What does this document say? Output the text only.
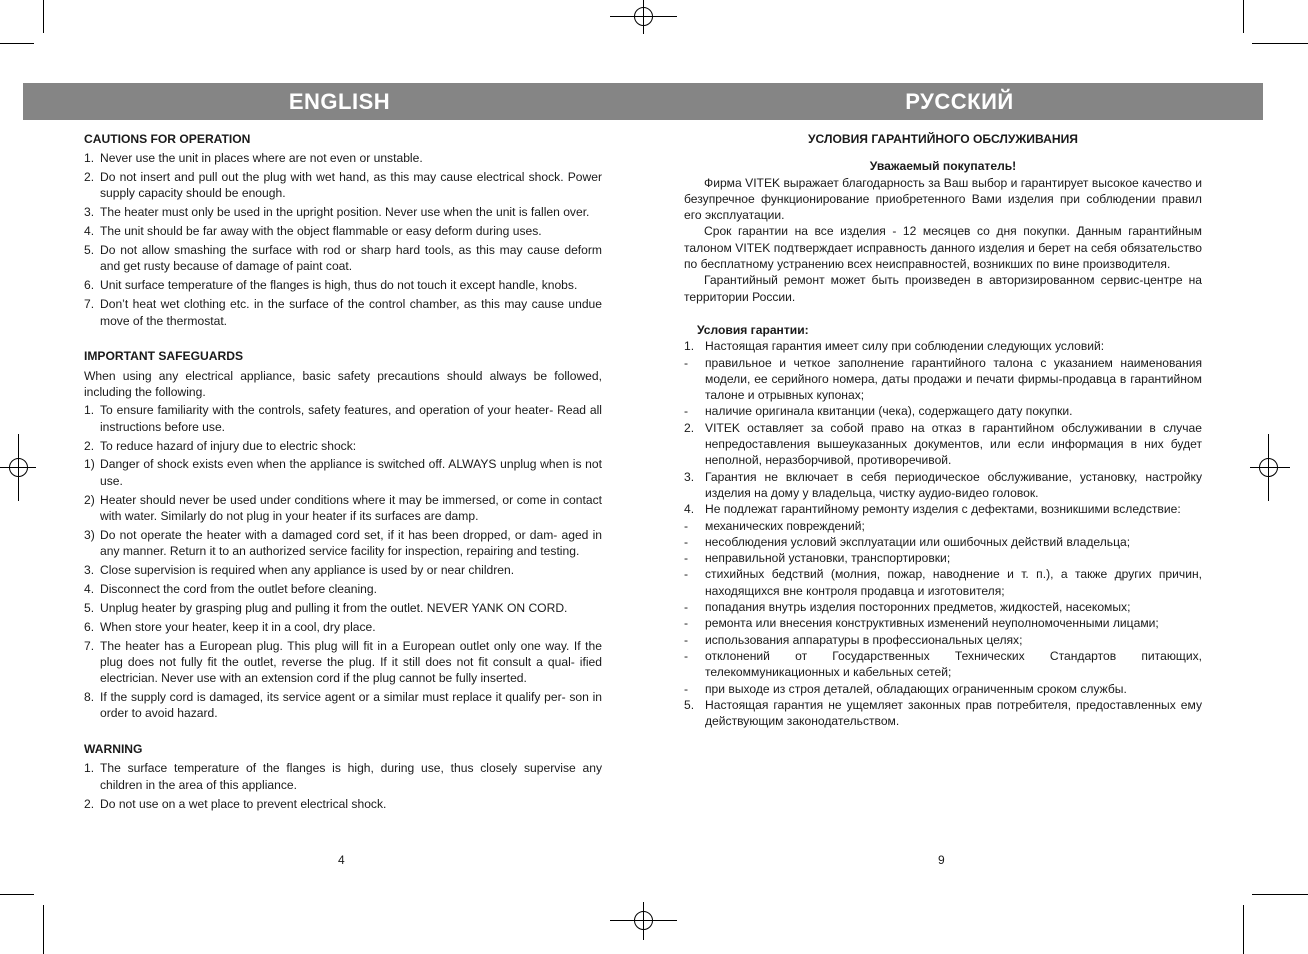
ENGLISH	РУССКИЙ
CAUTIONS FOR OPERATION
1. Never use the unit in places where are not even or unstable.
2. Do not insert and pull out the plug with wet hand, as this may cause electrical shock. Power supply capacity should be enough.
3. The heater must only be used in the upright position. Never use when the unit is fallen over.
4. The unit should be far away with the object flammable or easy deform during uses.
5. Do not allow smashing the surface with rod or sharp hard tools, as this may cause deform and get rusty because of damage of paint coat.
6. Unit surface temperature of the flanges is high, thus do not touch it except handle, knobs.
7. Don’t heat wet clothing etc. in the surface of the control chamber, as this may cause undue move of the thermostat.
IMPORTANT SAFEGUARDS
When using any electrical appliance, basic safety precautions should always be followed, including the following.
1. To ensure familiarity with the controls, safety features, and operation of your heater- Read all instructions before use.
2. To reduce hazard of injury due to electric shock:
1) Danger of shock exists even when the appliance is switched off. ALWAYS unplug when is not use.
2) Heater should never be used under conditions where it may be immersed, or come in contact with water. Similarly do not plug in your heater if its surfaces are damp.
3) Do not operate the heater with a damaged cord set, if it has been dropped, or dam- aged in any manner. Return it to an authorized service facility for inspection, repairing and testing.
3. Close supervision is required when any appliance is used by or near children.
4. Disconnect the cord from the outlet before cleaning.
5. Unplug heater by grasping plug and pulling it from the outlet. NEVER YANK ON CORD.
6. When store your heater, keep it in a cool, dry place.
7. The heater has a European plug. This plug will fit in a European outlet only one way. If the plug does not fully fit the outlet, reverse the plug. If it still does not fit consult a qual- ified electrician. Never use with an extension cord if the plug cannot be fully inserted.
8. If the supply cord is damaged, its service agent or a similar must replace it qualify per- son in order to avoid hazard.
WARNING
1. The surface temperature of the flanges is high, during use, thus closely supervise any children in the area of this appliance.
2. Do not use on a wet place to prevent electrical shock.
УСЛОВИЯ ГАРАНТИЙНОГО ОБСЛУЖИВАНИЯ
Уважаемый покупатель!
Фирма VITEK выражает благодарность за Ваш выбор и гарантирует высокое качество и безупречное функционирование приобретенного Вами изделия при соблюдении правил его эксплуатации.
Срок гарантии на все изделия - 12 месяцев со дня покупки. Данным гарантийным талоном VITEK подтверждает исправность данного изделия и берет на себя обязательство по бесплатному устранению всех неисправностей, возникших по вине производителя.
Гарантийный ремонт может быть произведен в авторизированном сервис-центре на территории России.
Условия гарантии:
1. Настоящая гарантия имеет силу при соблюдении следующих условий:
-	правильное и четкое заполнение гарантийного талона с указанием наименования модели, ее серийного номера, даты продажи и печати фирмы-продавца в гарантийном талоне и отрывных купонах;
-	наличие оригинала квитанции (чека), содержащего дату покупки.
2. VITEK оставляет за собой право на отказ в гарантийном обслуживании в случае непредоставления вышеуказанных документов, или если информация в них будет неполной, неразборчивой, противоречивой.
3. Гарантия не включает в себя периодическое обслуживание, установку, настройку изделия на дому у владельца, чистку аудио-видео головок.
4. Не подлежат гарантийному ремонту изделия с дефектами, возникшими вследствие:
-	механических повреждений;
-	несоблюдения условий эксплуатации или ошибочных действий владельца;
-	неправильной установки, транспортировки;
-	стихийных бедствий (молния, пожар, наводнение и т. п.), а также других причин, находящихся вне контроля продавца и изготовителя;
-	попадания внутрь изделия посторонних предметов, жидкостей, насекомых;
-	ремонта или внесения конструктивных изменений неуполномоченными лицами;
-	использования аппаратуры в профессиональных целях;
-	отклонений от Государственных Технических Стандартов питающих, телекоммуникационных и кабельных сетей;
-	при выходе из строя деталей, обладающих ограниченным сроком службы.
5. Настоящая гарантия не ущемляет законных прав потребителя, предоставленных ему действующим законодательством.
4	9
